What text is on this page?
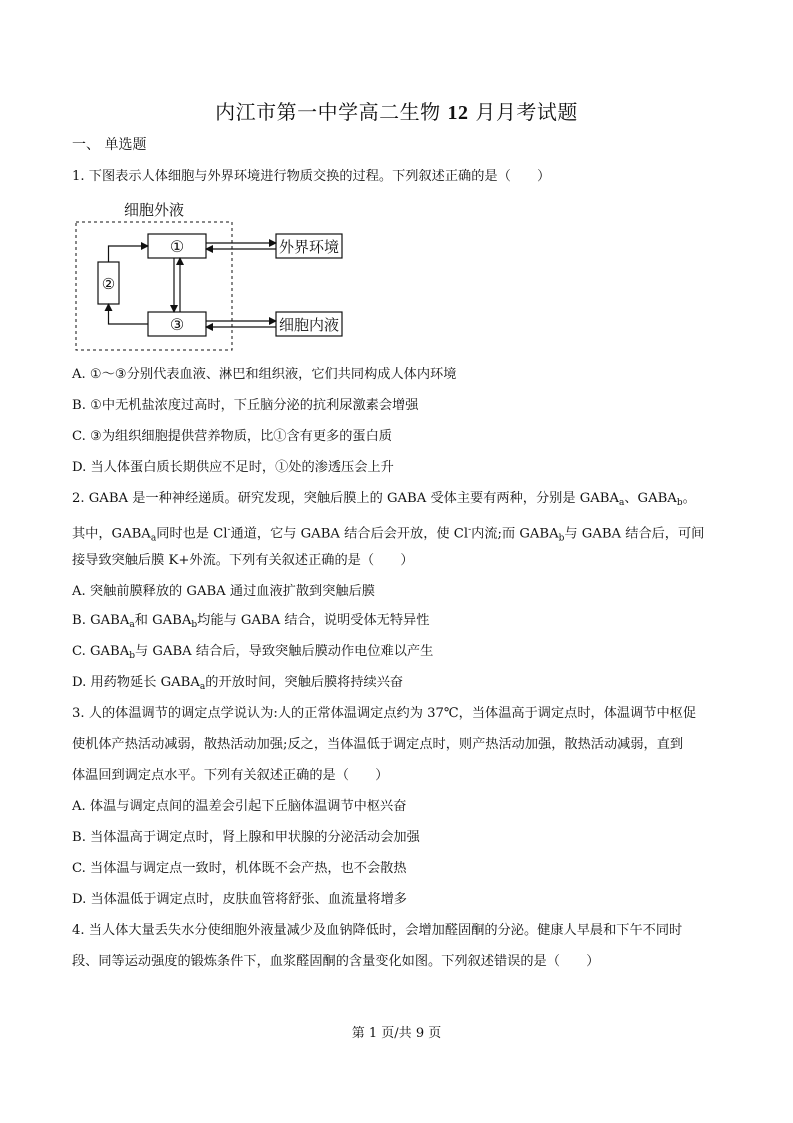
内江市第一中学高二生物 12 月月考试题
一、 单选题
1. 下图表示人体细胞与外界环境进行物质交换的过程。下列叙述正确的是（　　）
细胞外液
①
②
③
外界环境
细胞内液
A. ①～③分别代表血液、淋巴和组织液，它们共同构成人体内环境
B. ①中无机盐浓度过高时，下丘脑分泌的抗利尿激素会增强
C. ③为组织细胞提供营养物质，比①含有更多的蛋白质
D. 当人体蛋白质长期供应不足时，①处的渗透压会上升
2. GABA 是一种神经递质。研究发现，突触后膜上的 GABA 受体主要有两种，分别是 $GABA_a$、$GABA_b$。
其中，$GABA_a$同时也是 Cl-通道，它与 GABA 结合后会开放，使 Cl-内流;而 $GABA_b$与 GABA 结合后，可间
接导致突触后膜 K+外流。下列有关叙述正确的是（　　）
A. 突触前膜释放的 GABA 通过血液扩散到突触后膜
B. $GABA_a$和 $GABA_b$均能与 GABA 结合，说明受体无特异性
C. $GABA_b$与 GABA 结合后，导致突触后膜动作电位难以产生
D. 用药物延长 $GABA_a$的开放时间，突触后膜将持续兴奋
3. 人的体温调节的调定点学说认为:人的正常体温调定点约为 37℃，当体温高于调定点时，体温调节中枢促
使机体产热活动减弱，散热活动加强;反之，当体温低于调定点时，则产热活动加强，散热活动减弱，直到
体温回到调定点水平。下列有关叙述正确的是（　　）
A. 体温与调定点间的温差会引起下丘脑体温调节中枢兴奋
B. 当体温高于调定点时，肾上腺和甲状腺的分泌活动会加强
C. 当体温与调定点一致时，机体既不会产热，也不会散热
D. 当体温低于调定点时，皮肤血管将舒张、血流量将增多
4. 当人体大量丢失水分使细胞外液量减少及血钠降低时，会增加醛固酮的分泌。健康人早晨和下午不同时
段、同等运动强度的锻炼条件下，血浆醛固酮的含量变化如图。下列叙述错误的是（　　）
第 1 页/共 9 页
